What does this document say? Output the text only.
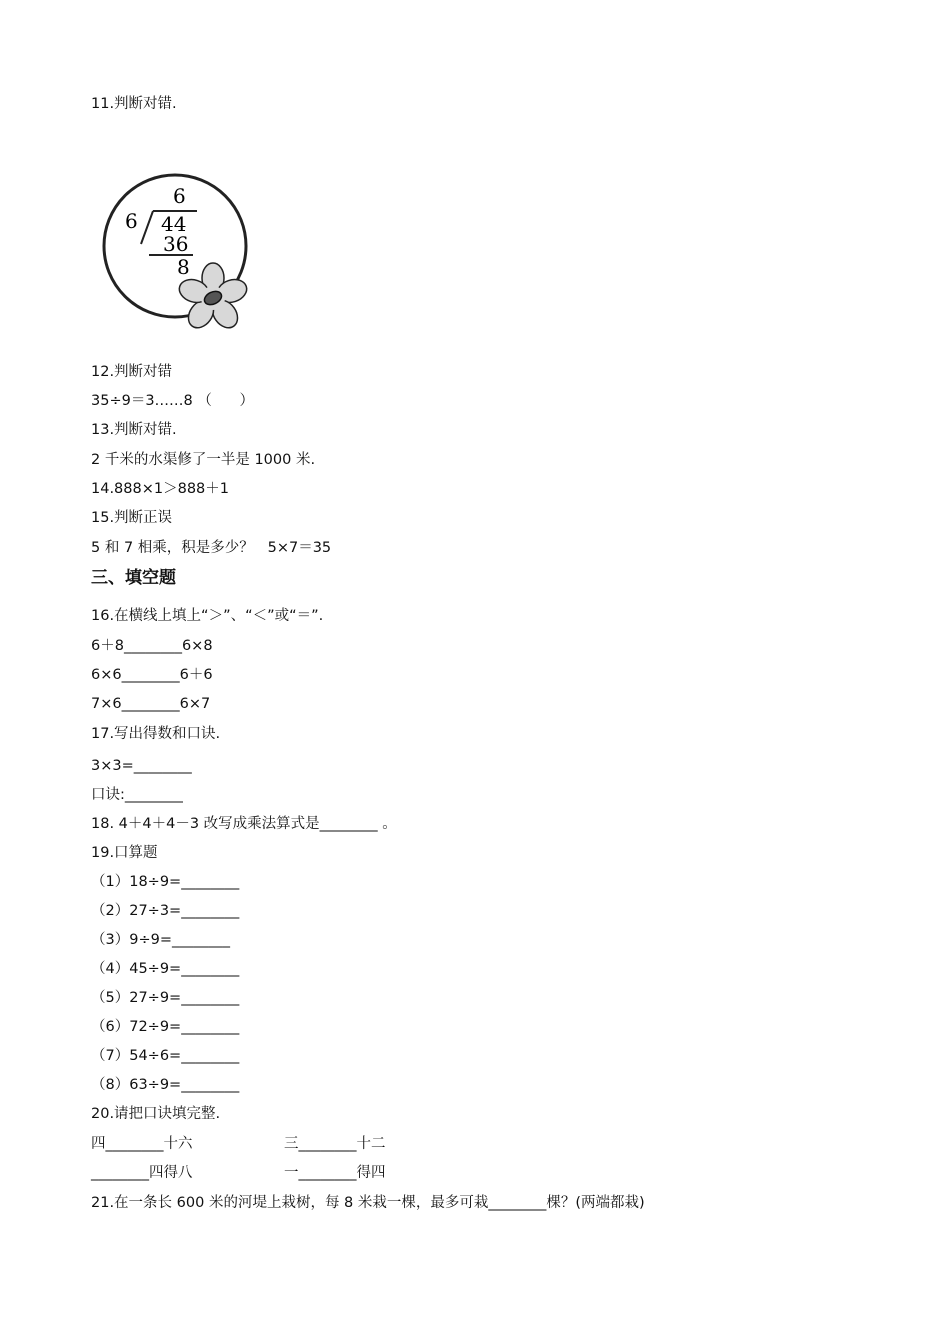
11.判断对错.
6
6 44
36
8
12.判断对错
35÷9＝3……8 （      ）
13.判断对错.
2 千米的水渠修了一半是 1000 米.
14.888×1＞888＋1
15.判断正误
5 和 7 相乘，积是多少？   5×7＝35
三、填空题
16.在横线上填上“＞”、“＜”或“＝”.
6＋8________6×8
6×6________6＋6
7×6________6×7
17.写出得数和口诀.
3×3=________
口诀:________
18. 4＋4＋4－3 改写成乘法算式是________ 。
19.口算题
（1）18÷9=________
（2）27÷3=________
（3）9÷9=________
（4）45÷9=________
（5）27÷9=________
（6）72÷9=________
（7）54÷6=________
（8）63÷9=________
20.请把口诀填完整.
四________十六	三________十二
________四得八	一________得四
21.在一条长 600 米的河堤上栽树，每 8 米栽一棵，最多可栽________棵？(两端都栽)
